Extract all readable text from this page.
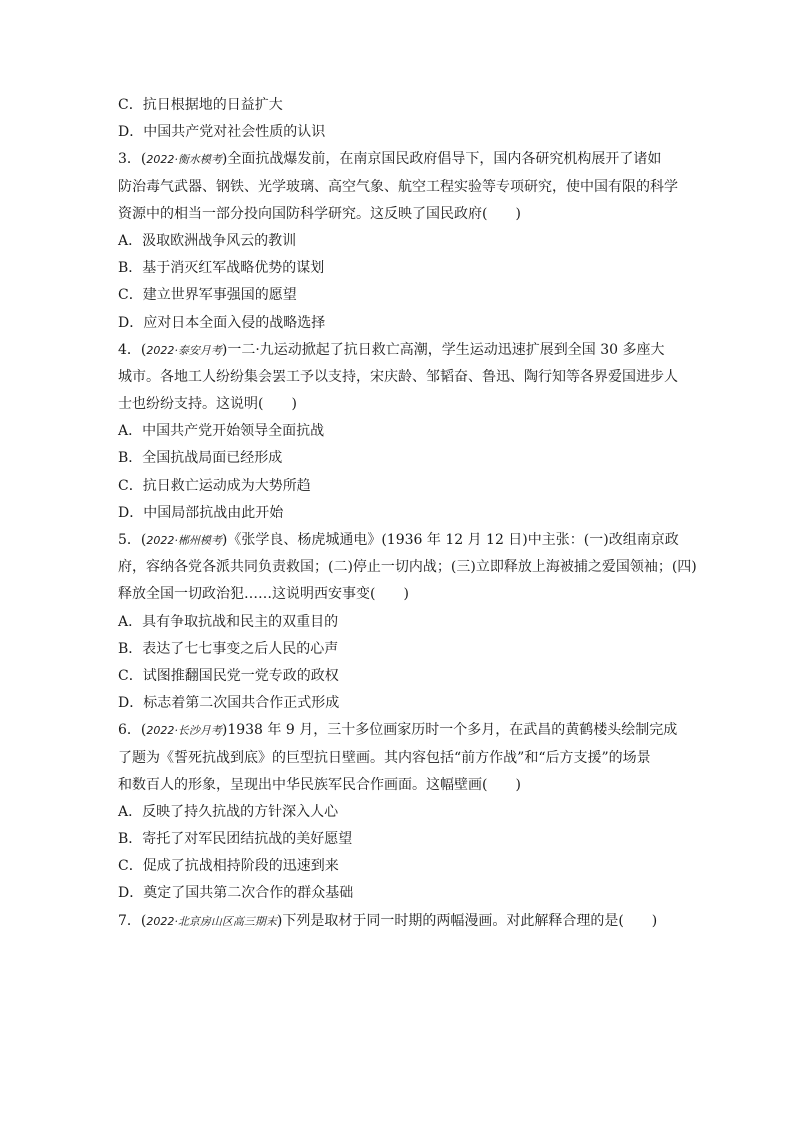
C．抗日根据地的日益扩大
D．中国共产党对社会性质的认识
3．(2022·衡水模考)全面抗战爆发前，在南京国民政府倡导下，国内各研究机构展开了诸如
防治毒气武器、钢铁、光学玻璃、高空气象、航空工程实验等专项研究，使中国有限的科学
资源中的相当一部分投向国防科学研究。这反映了国民政府(　　)
A．汲取欧洲战争风云的教训
B．基于消灭红军战略优势的谋划
C．建立世界军事强国的愿望
D．应对日本全面入侵的战略选择
4．(2022·泰安月考)一二·九运动掀起了抗日救亡高潮，学生运动迅速扩展到全国 30 多座大
城市。各地工人纷纷集会罢工予以支持，宋庆龄、邹韬奋、鲁迅、陶行知等各界爱国进步人
士也纷纷支持。这说明(　　)
A．中国共产党开始领导全面抗战
B．全国抗战局面已经形成
C．抗日救亡运动成为大势所趋
D．中国局部抗战由此开始
5．(2022·郴州模考)《张学良、杨虎城通电》(1936 年 12 月 12 日)中主张：(一)改组南京政
府，容纳各党各派共同负责救国；(二)停止一切内战；(三)立即释放上海被捕之爱国领袖；(四)
释放全国一切政治犯……这说明西安事变(　　)
A．具有争取抗战和民主的双重目的
B．表达了七七事变之后人民的心声
C．试图推翻国民党一党专政的政权
D．标志着第二次国共合作正式形成
6．(2022·长沙月考)1938 年 9 月，三十多位画家历时一个多月，在武昌的黄鹤楼头绘制完成
了题为《誓死抗战到底》的巨型抗日壁画。其内容包括“前方作战”和“后方支援”的场景
和数百人的形象，呈现出中华民族军民合作画面。这幅壁画(　　)
A．反映了持久抗战的方针深入人心
B．寄托了对军民团结抗战的美好愿望
C．促成了抗战相持阶段的迅速到来
D．奠定了国共第二次合作的群众基础
7．(2022·北京房山区高三期末)下列是取材于同一时期的两幅漫画。对此解释合理的是(　　)
